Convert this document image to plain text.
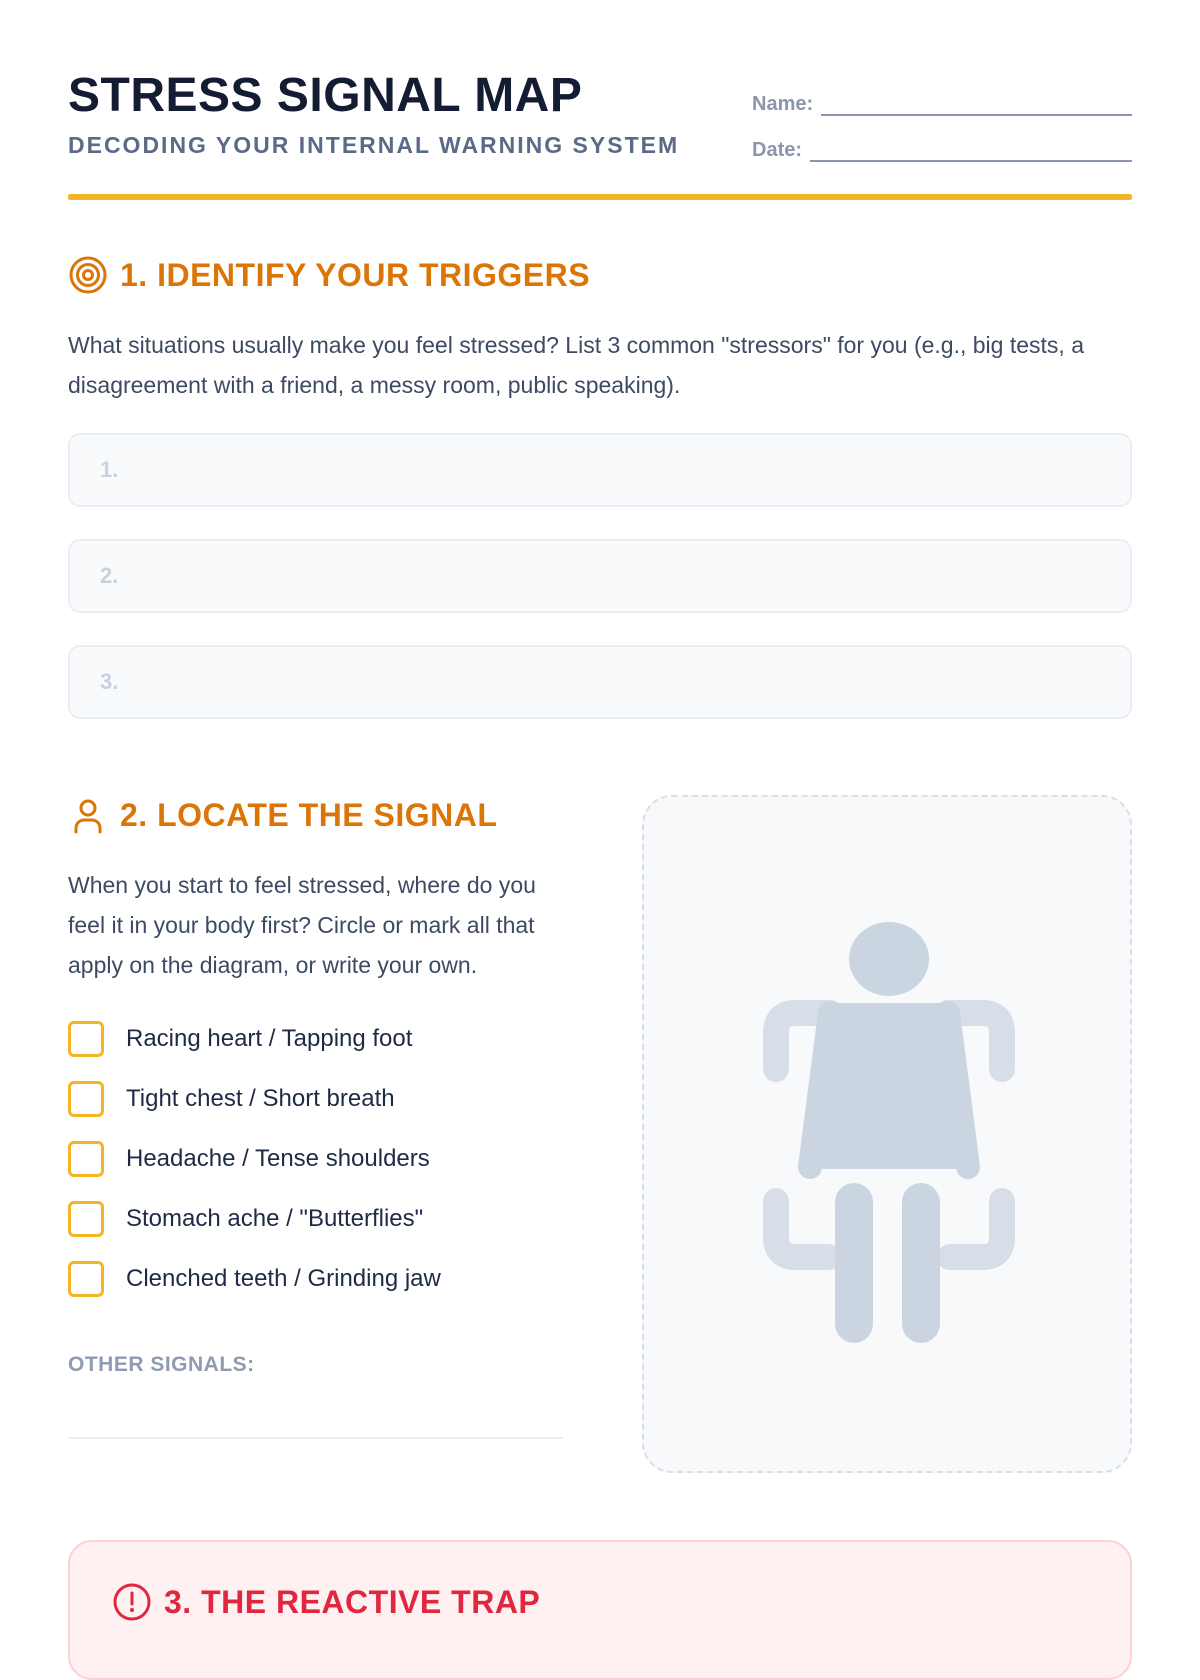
STRESS SIGNAL MAP

DECODING YOUR INTERNAL WARNING SYSTEM

Name:
Date:
1. IDENTIFY YOUR TRIGGERS

What situations usually make you feel stressed? List 3 common "stressors" for you (e.g., big tests, a disagreement with a friend, a messy room, public speaking).

1.
2.
3.
2. LOCATE THE SIGNAL

When you start to feel stressed, where do you feel it in your body first? Circle or mark all that apply on the diagram, or write your own.

Racing heart / Tapping foot
Tight chest / Short breath
Headache / Tense shoulders
Stomach ache / "Butterflies"
Clenched teeth / Grinding jaw
OTHER SIGNALS:
3. THE REACTIVE TRAP
